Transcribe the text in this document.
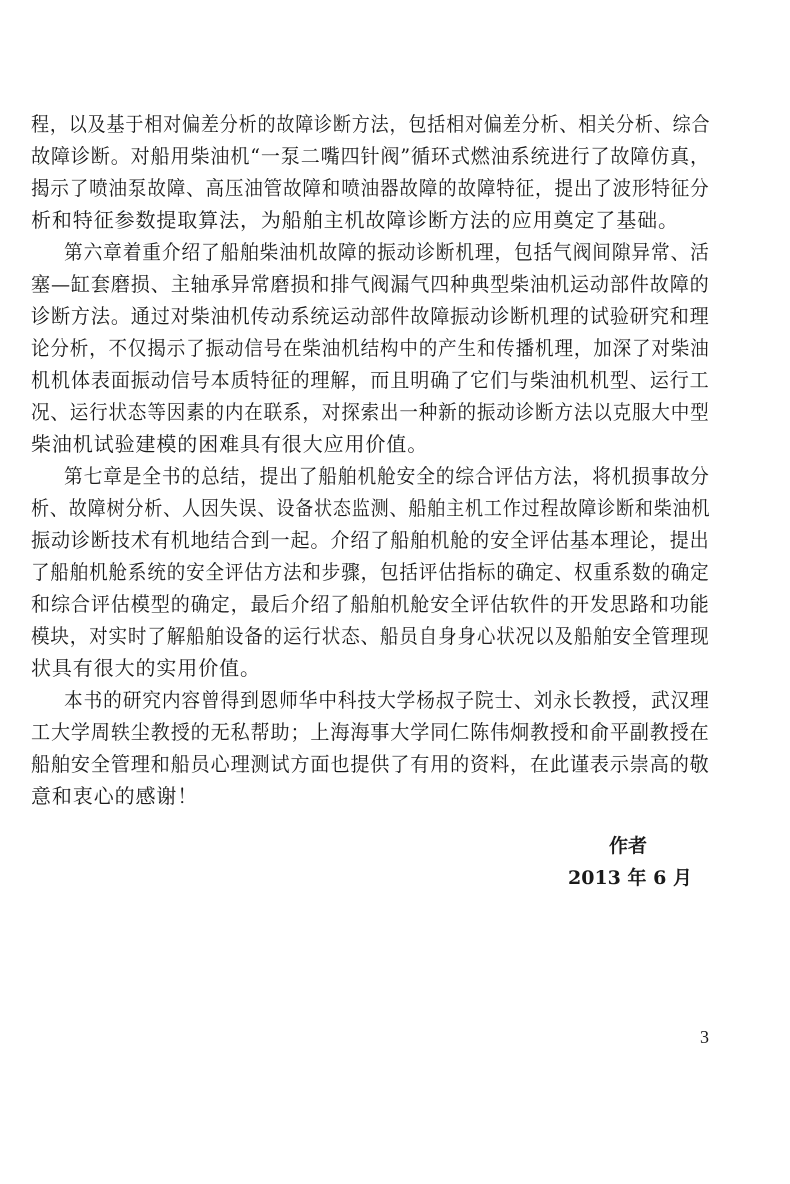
程，以及基于相对偏差分析的故障诊断方法，包括相对偏差分析、相关分析、综合
故障诊断。对船用柴油机“一泵二嘴四针阀”循环式燃油系统进行了故障仿真，
揭示了喷油泵故障、高压油管故障和喷油器故障的故障特征，提出了波形特征分
析和特征参数提取算法，为船舶主机故障诊断方法的应用奠定了基础。
第六章着重介绍了船舶柴油机故障的振动诊断机理，包括气阀间隙异常、活
塞—缸套磨损、主轴承异常磨损和排气阀漏气四种典型柴油机运动部件故障的
诊断方法。通过对柴油机传动系统运动部件故障振动诊断机理的试验研究和理
论分析，不仅揭示了振动信号在柴油机结构中的产生和传播机理，加深了对柴油
机机体表面振动信号本质特征的理解，而且明确了它们与柴油机机型、运行工
况、运行状态等因素的内在联系，对探索出一种新的振动诊断方法以克服大中型
柴油机试验建模的困难具有很大应用价值。
第七章是全书的总结，提出了船舶机舱安全的综合评估方法，将机损事故分
析、故障树分析、人因失误、设备状态监测、船舶主机工作过程故障诊断和柴油机
振动诊断技术有机地结合到一起。介绍了船舶机舱的安全评估基本理论，提出
了船舶机舱系统的安全评估方法和步骤，包括评估指标的确定、权重系数的确定
和综合评估模型的确定，最后介绍了船舶机舱安全评估软件的开发思路和功能
模块，对实时了解船舶设备的运行状态、船员自身身心状况以及船舶安全管理现
状具有很大的实用价值。
本书的研究内容曾得到恩师华中科技大学杨叔子院士、刘永长教授，武汉理
工大学周轶尘教授的无私帮助；上海海事大学同仁陈伟炯教授和俞平副教授在
船舶安全管理和船员心理测试方面也提供了有用的资料，在此谨表示崇高的敬
意和衷心的感谢！
作者
2013 年 6 月
3
